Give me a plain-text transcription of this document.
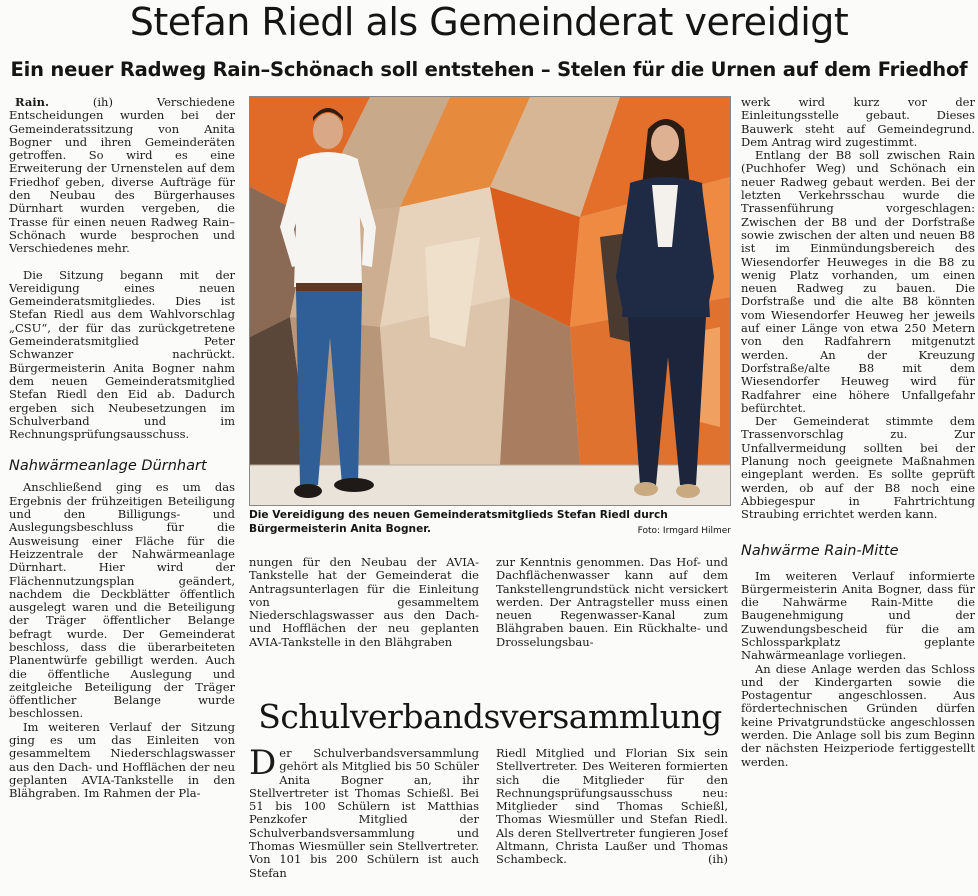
Stefan Riedl als Gemeinderat vereidigt
Ein neuer Radweg Rain–Schönach soll entstehen – Stelen für die Urnen auf dem Friedhof

Rain.	(ih) Verschiedene Entscheidungen wurden bei der Gemeinderatssitzung von Anita Bogner und ihren Gemeinderäten getroffen. So wird es eine Erweiterung der Urnenstelen auf dem Friedhof geben, diverse Aufträge für den Neubau des Bürgerhauses Dürnhart wurden vergeben, die Trasse für einen neuen Radweg Rain–Schönach wurde besprochen und Verschiedenes mehr.

Die Sitzung begann mit der Vereidigung eines neuen Gemeinderatsmitgliedes. Dies ist Stefan Riedl aus dem Wahlvorschlag „CSU“, der für das zurückgetretene Gemeinderatsmitglied Peter Schwanzer nachrückt. Bürgermeisterin Anita Bogner nahm dem neuen Gemeinderatsmitglied Stefan Riedl den Eid ab. Dadurch ergeben sich Neubesetzungen im Schulverband und im Rechnungsprüfungsausschuss.

Nahwärmeanlage Dürnhart

Anschließend ging es um das Ergebnis der frühzeitigen Beteiligung und den Billigungs- und Auslegungsbeschluss für die Ausweisung einer Fläche für die Heizzentrale der Nahwärmeanlage Dürnhart. Hier wird der Flächennutzungsplan geändert, nachdem die Deckblätter öffentlich ausgelegt waren und die Beteiligung der Träger öffentlicher Belange befragt wurde. Der Gemeinderat beschloss, dass die überarbeiteten Planentwürfe gebilligt werden. Auch die öffentliche Auslegung und zeitgleiche Beteiligung der Träger öffentlicher Belange wurde beschlossen.

Im weiteren Verlauf der Sitzung ging es um das Einleiten von gesammeltem Niederschlagswasser aus den Dach- und Hofflächen der neu geplanten AVIA-Tankstelle in den Blähgraben. Im Rahmen der Pla-

Die Vereidigung des neuen Gemeinderatsmitglieds Stefan Riedl durch Bürgermeisterin Anita Bogner.	Foto: Irmgard Hilmer

nungen für den Neubau der AVIA-Tankstelle hat der Gemeinderat die Antragsunterlagen für die Einleitung von gesammeltem Niederschlagswasser aus den Dach- und Hofflächen der neu geplanten AVIA-Tankstelle in den Blähgraben

zur Kenntnis genommen. Das Hof- und Dachflächenwasser kann auf dem Tankstellengrundstück nicht versickert werden. Der Antragsteller muss einen neuen Regenwasser-Kanal zum Blähgraben bauen. Ein Rückhalte- und Drosselungsbau-

Schulverbandsversammlung

Der Schulverbandsversammlung gehört als Mitglied bis 50 Schüler Anita Bogner an, ihr Stellvertreter ist Thomas Schießl. Bei 51 bis 100 Schülern ist Matthias Penzkofer Mitglied der Schulverbandsversammlung und Thomas Wiesmüller sein Stellvertreter. Von 101 bis 200 Schülern ist auch Stefan

Riedl Mitglied und Florian Six sein Stellvertreter. Des Weiteren formierten sich die Mitglieder für den Rechnungsprüfungsausschuss neu: Mitglieder sind Thomas Schießl, Thomas Wiesmüller und Stefan Riedl. Als deren Stellvertreter fungieren Josef Altmann, Christa Laußer und Thomas Schambeck.	(ih)

werk wird kurz vor der Einleitungsstelle gebaut. Dieses Bauwerk steht auf Gemeindegrund. Dem Antrag wird zugestimmt.

Entlang der B8 soll zwischen Rain (Puchhofer Weg) und Schönach ein neuer Radweg gebaut werden. Bei der letzten Verkehrsschau wurde die Trassenführung vorgeschlagen: Zwischen der B8 und der Dorfstraße sowie zwischen der alten und neuen B8 ist im Einmündungsbereich des Wiesendorfer Heuweges in die B8 zu wenig Platz vorhanden, um einen neuen Radweg zu bauen. Die Dorfstraße und die alte B8 könnten vom Wiesendorfer Heuweg her jeweils auf einer Länge von etwa 250 Metern von den Radfahrern mitgenutzt werden. An der Kreuzung Dorfstraße/alte B8 mit dem Wiesendorfer Heuweg wird für Radfahrer eine höhere Unfallgefahr befürchtet.

Der Gemeinderat stimmte dem Trassenvorschlag zu. Zur Unfallvermeidung sollten bei der Planung noch geeignete Maßnahmen eingeplant werden. Es sollte geprüft werden, ob auf der B8 noch eine Abbiegespur in Fahrtrichtung Straubing errichtet werden kann.

Nahwärme Rain-Mitte

Im weiteren Verlauf informierte Bürgermeisterin Anita Bogner, dass für die Nahwärme Rain-Mitte die Baugenehmigung und der Zuwendungsbescheid für die am Schlossparkplatz geplante Nahwärmeanlage vorliegen.

An diese Anlage werden das Schloss und der Kindergarten sowie die Postagentur angeschlossen. Aus fördertechnischen Gründen dürfen keine Privatgrundstücke angeschlossen werden. Die Anlage soll bis zum Beginn der nächsten Heizperiode fertiggestellt werden.
